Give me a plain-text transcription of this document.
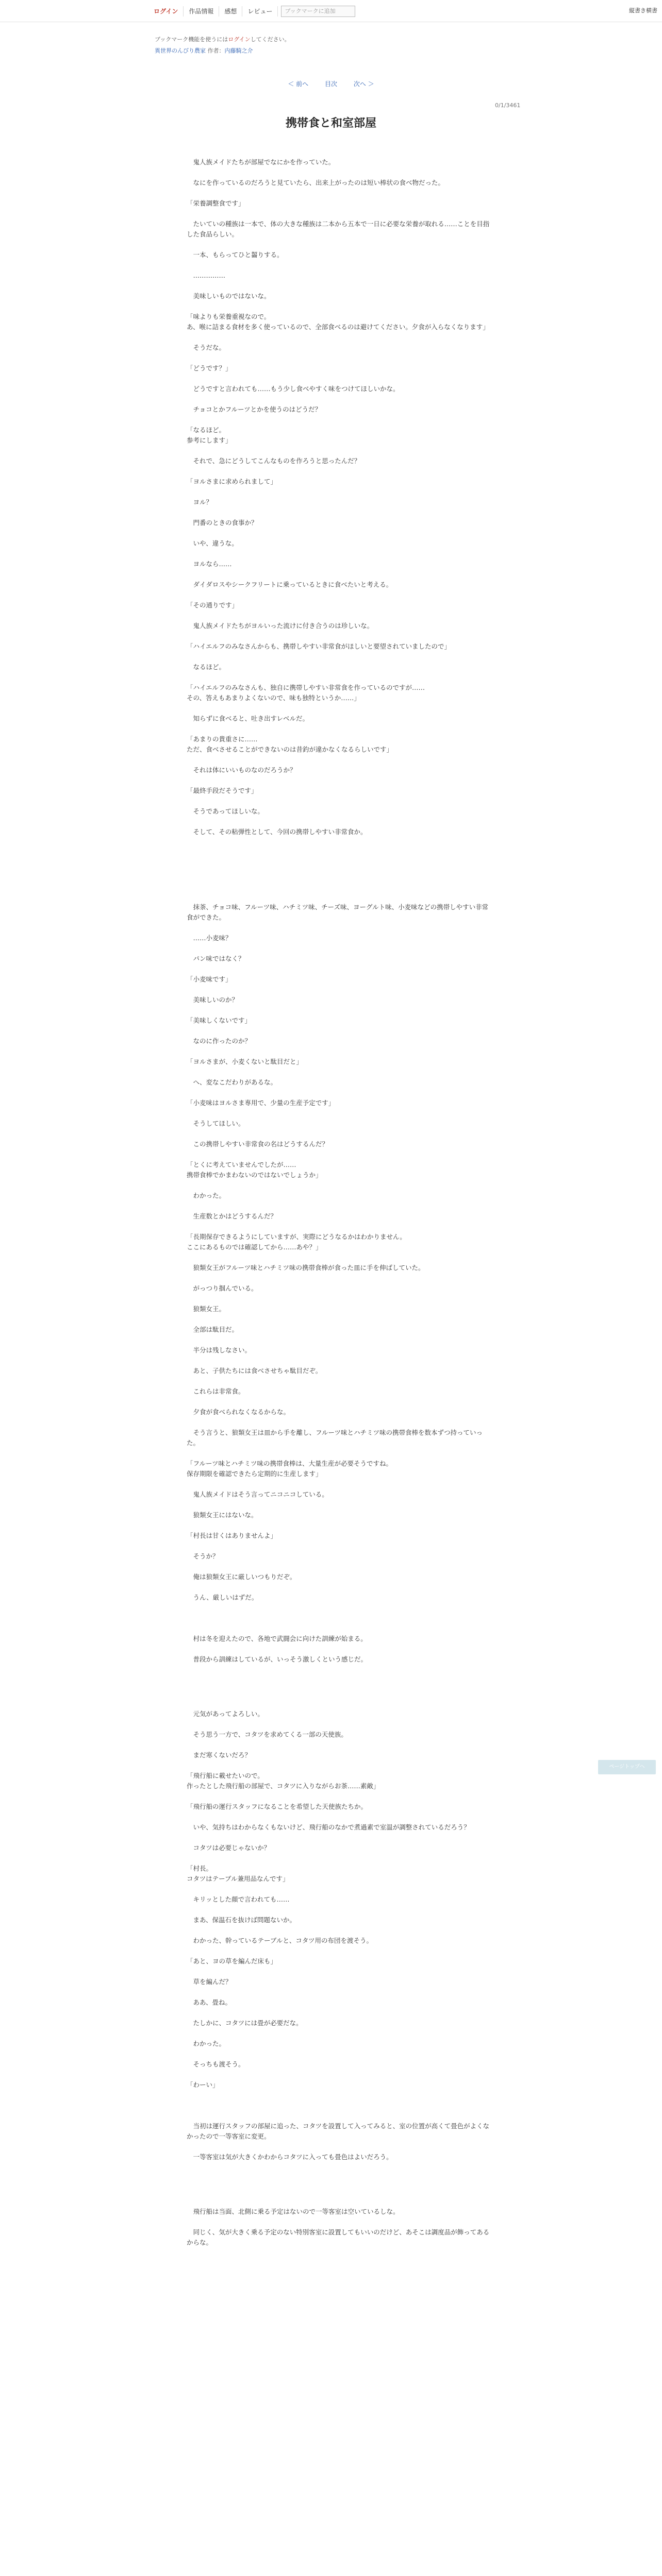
ログイン	作品情報	感想	レビュー	ブックマークに追加	縦書き横書
ブックマーク機能を使うにはログインしてください。
異世界のんびり農家 作者：内藤騎之介
＜ 前へ	目次	次へ ＞
0/1/3461
携帯食と和室部屋

　鬼人族メイドたちが部屋でなにかを作っていた。

　なにを作っているのだろうと見ていたら、出来上がったのは短い棒状の食べ物だった。

「栄養調整食です」

　たいていの種族は一本で、体の大きな種族は二本から五本で一日に必要な栄養が取れる……ことを目指した食品らしい。

　一本、もらってひと齧りする。

　……………

　美味しいものではないな。

「味よりも栄養重視なので。
あ、喉に詰まる食材を多く使っているので、全部食べるのは避けてください。夕食が入らなくなります」

　そうだな。

「どうです？」

　どうですと言われても……もう少し食べやすく味をつけてほしいかな。

　チョコとかフルーツとかを使うのはどうだ？

「なるほど。
参考にします」

　それで、急にどうしてこんなものを作ろうと思ったんだ？

「ヨルさまに求められまして」

　ヨル？

　門番のときの食事か？

　いや、違うな。

　ヨルなら……

　ダイダロスやシークフリートに乗っているときに食べたいと考える。

「その通りです」

　鬼人族メイドたちがヨルいった流けに付き合うのは珍しいな。

「ハイエルフのみなさんからも、携帯しやすい非常食がほしいと要望されていましたので」

　なるほど。

「ハイエルフのみなさんも、独自に携帯しやすい非常食を作っているのですが……
その、答えもあまりよくないので、味も独特というか……」

　知らずに食べると、吐き出すレベルだ。

「あまりの貴重さに……
ただ、食べさせることができないのは昔釣が違かなくなるらしいです」

　それは体にいいものなのだろうか？

「最終手段だそうです」

　そうであってほしいな。

　そして、その粘弾性として、今回の携帯しやすい非常食か。

　抹茶、チョコ味、フルーツ味、ハチミツ味、チーズ味、ヨーグルト味、小麦味などの携帯しやすい非常食ができた。

　……小麦味？

　パン味ではなく？

「小麦味です」

　美味しいのか？

「美味しくないです」

　なのに作ったのか？

「ヨルさまが、小麦くないと駄目だと」

　へ、変なこだわりがあるな。

「小麦味はヨルさま専用で、少量の生産予定です」

　そうしてほしい。

　この携帯しやすい非常食の名はどうするんだ？

「とくに考えていませんでしたが……
携帯食棒でかまわないのではないでしょうか」

　わかった。

　生産数とかはどうするんだ？

「長期保存できるようにしていますが、実際にどうなるかはわかりません。
ここにあるものでは確認してから……あや？」

　狼類女王がフルーツ味とハチミツ味の携帯食棒が食った皿に手を伸ばしていた。

　がっつり掴んでいる。

　狼類女王。

　全部は駄目だ。

　半分は残しなさい。

　あと、子供たちには食べさせちゃ駄目だぞ。

　これらは非常食。

　夕食が食べられなくなるからな。

　そう言うと、狼類女王は皿から手を離し、フルーツ味とハチミツ味の携帯食棒を数本ずつ持っていった。

「フルーツ味とハチミツ味の携帯食棒は、大量生産が必要そうですね。
保存期限を確認できたら定期的に生産します」

　鬼人族メイドはそう言ってニコニコしている。

　狼類女王にはないな。

「村長は甘くはありませんよ」

　そうか？

　俺は狼類女王に厳しいつもりだぞ。

　うん、厳しいはずだ。

　村は冬を迎えたので、各地で武闘会に向けた訓練が始まる。

　普段から訓練はしているが、いっそう激しくという感じだ。

　元気があってよろしい。

　そう思う一方で、コタツを求めてくる一部の天使族。

　まだ寒くないだろ？

「飛行船に載せたいので。
作ったとした飛行船の部屋で、コタツに入りながらお茶……素敵」

「飛行船の運行スタッフになることを希望した天使族たちか。

　いや、気持ちはわからなくもないけど、飛行船のなかで煮過素で室温が調整されているだろう？

　コタツは必要じゃないか？

「村長。
コタツはテーブル兼用品なんです」

　キリッとした顔で言われても……

　まあ、保温石を抜けば問題ないか。

　わかった、幹っているテーブルと、コタツ用の布団を渡そう。

「あと、ヨの草を編んだ床も」

　草を編んだ？

　ああ、畳ね。

　たしかに、コタツには畳が必要だな。

　わかった。

　そっちも渡そう。

「わーい」

　当初は運行スタッフの部屋に追った、コタツを設置して入ってみると、室の位置が高くて畳色がよくなかったので一等客室に変更。

　一等客室は気が大きくかわからコタツに入っても畳色はよいだろう。

　飛行船は当面、北側に乗る予定はないので一等客室は空いているしな。

　同じく、気が大きく乗る予定のない特別客室に設置してもいいのだけど、あそこは調度品が飾ってあるからな。

ページトップへ
